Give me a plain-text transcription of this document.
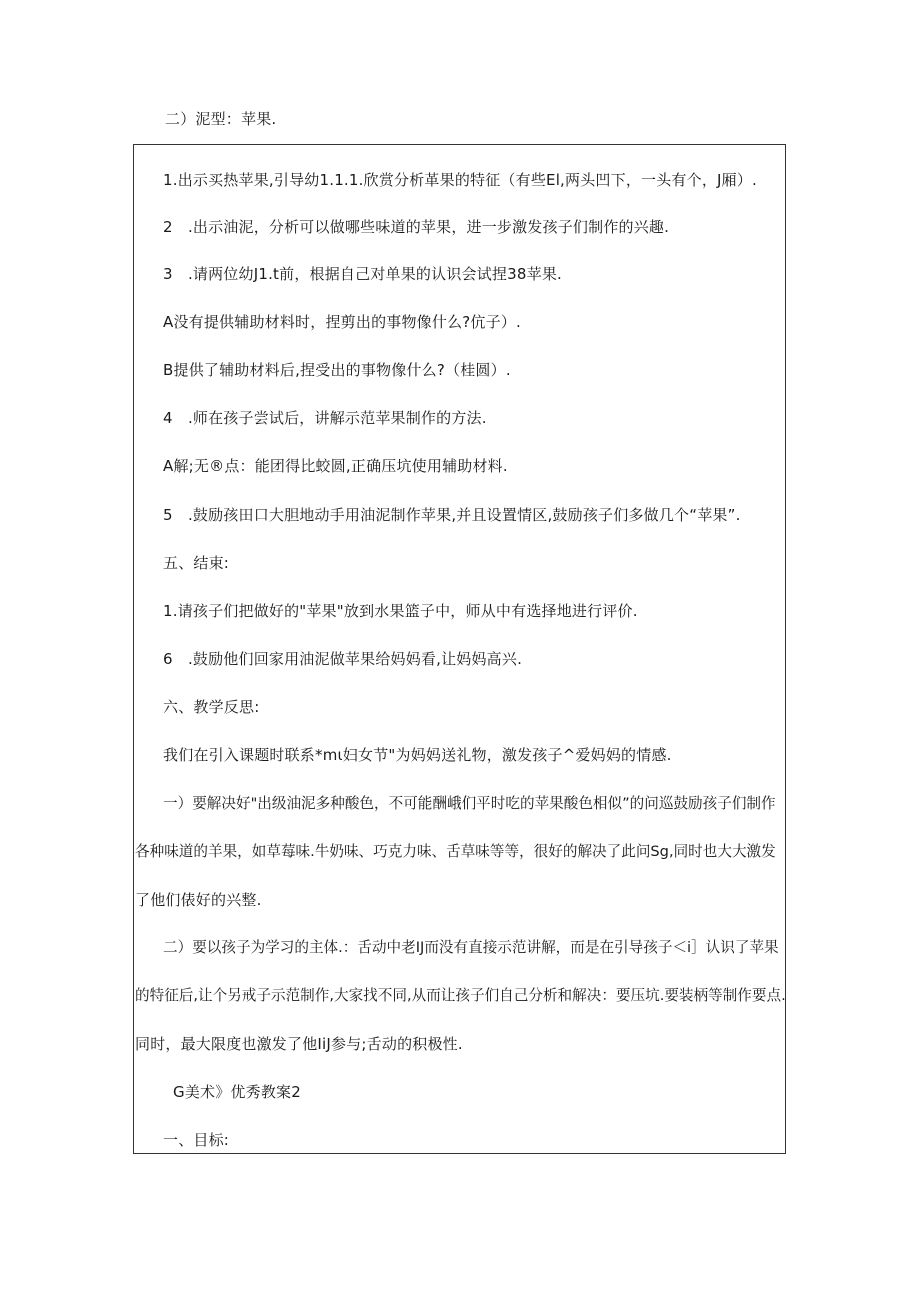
二）泥型：苹果.
1.出示买热苹果,引导幼1.1.1.欣赏分析革果的特征（有些El,两头凹下，一头有个，J厢）.
2　.出示油泥，分析可以做哪些味道的苹果，进一步激发孩子们制作的兴趣.
3　.请两位幼J1.t前，根据自己对单果的认识会试捏38苹果.
A没有提供辅助材料时，捏剪出的事物像什么?伉子）.
B提供了辅助材料后,捏受出的事物像什么?（桂圆）.
4　.师在孩子尝试后，讲解示范苹果制作的方法.
A解;无®点：能团得比蛟圆,正确压坑使用辅助材料.
5　.鼓励孩田口大胆地动手用油泥制作苹果,并且设置情区,鼓励孩子们多做几个“苹果”.
五、结束:
1.请孩子们把做好的"苹果"放到水果篮子中，师从中有选择地进行评价.
6　.鼓励他们回家用油泥做苹果给妈妈看,让妈妈高兴.
六、教学反思:
我们在引入课题时联系*mι妇女节"为妈妈送礼物，激发孩子^爱妈妈的情感.
一）要解决好"出级油泥多种酸色，不可能酬峨们平时吃的苹果酸色相似”的问巡鼓励孩子们制作
各种味道的羊果，如草莓味.牛奶味、巧克力味、舌草味等等，很好的解决了此问Sg,同时也大大激发
了他们俵好的兴整.
二）要以孩子为学习的主体.：舌动中老IJ而没有直接示范讲解，而是在引导孩子＜i］认识了苹果
的特征后,让个另戒子示范制作,大家找不同,从而让孩子们自己分析和解决：要压坑.要装柄等制作要点.
同时，最大限度也激发了他IiJ参与;舌动的积极性.
G美术》优秀教案2
一、目标:
